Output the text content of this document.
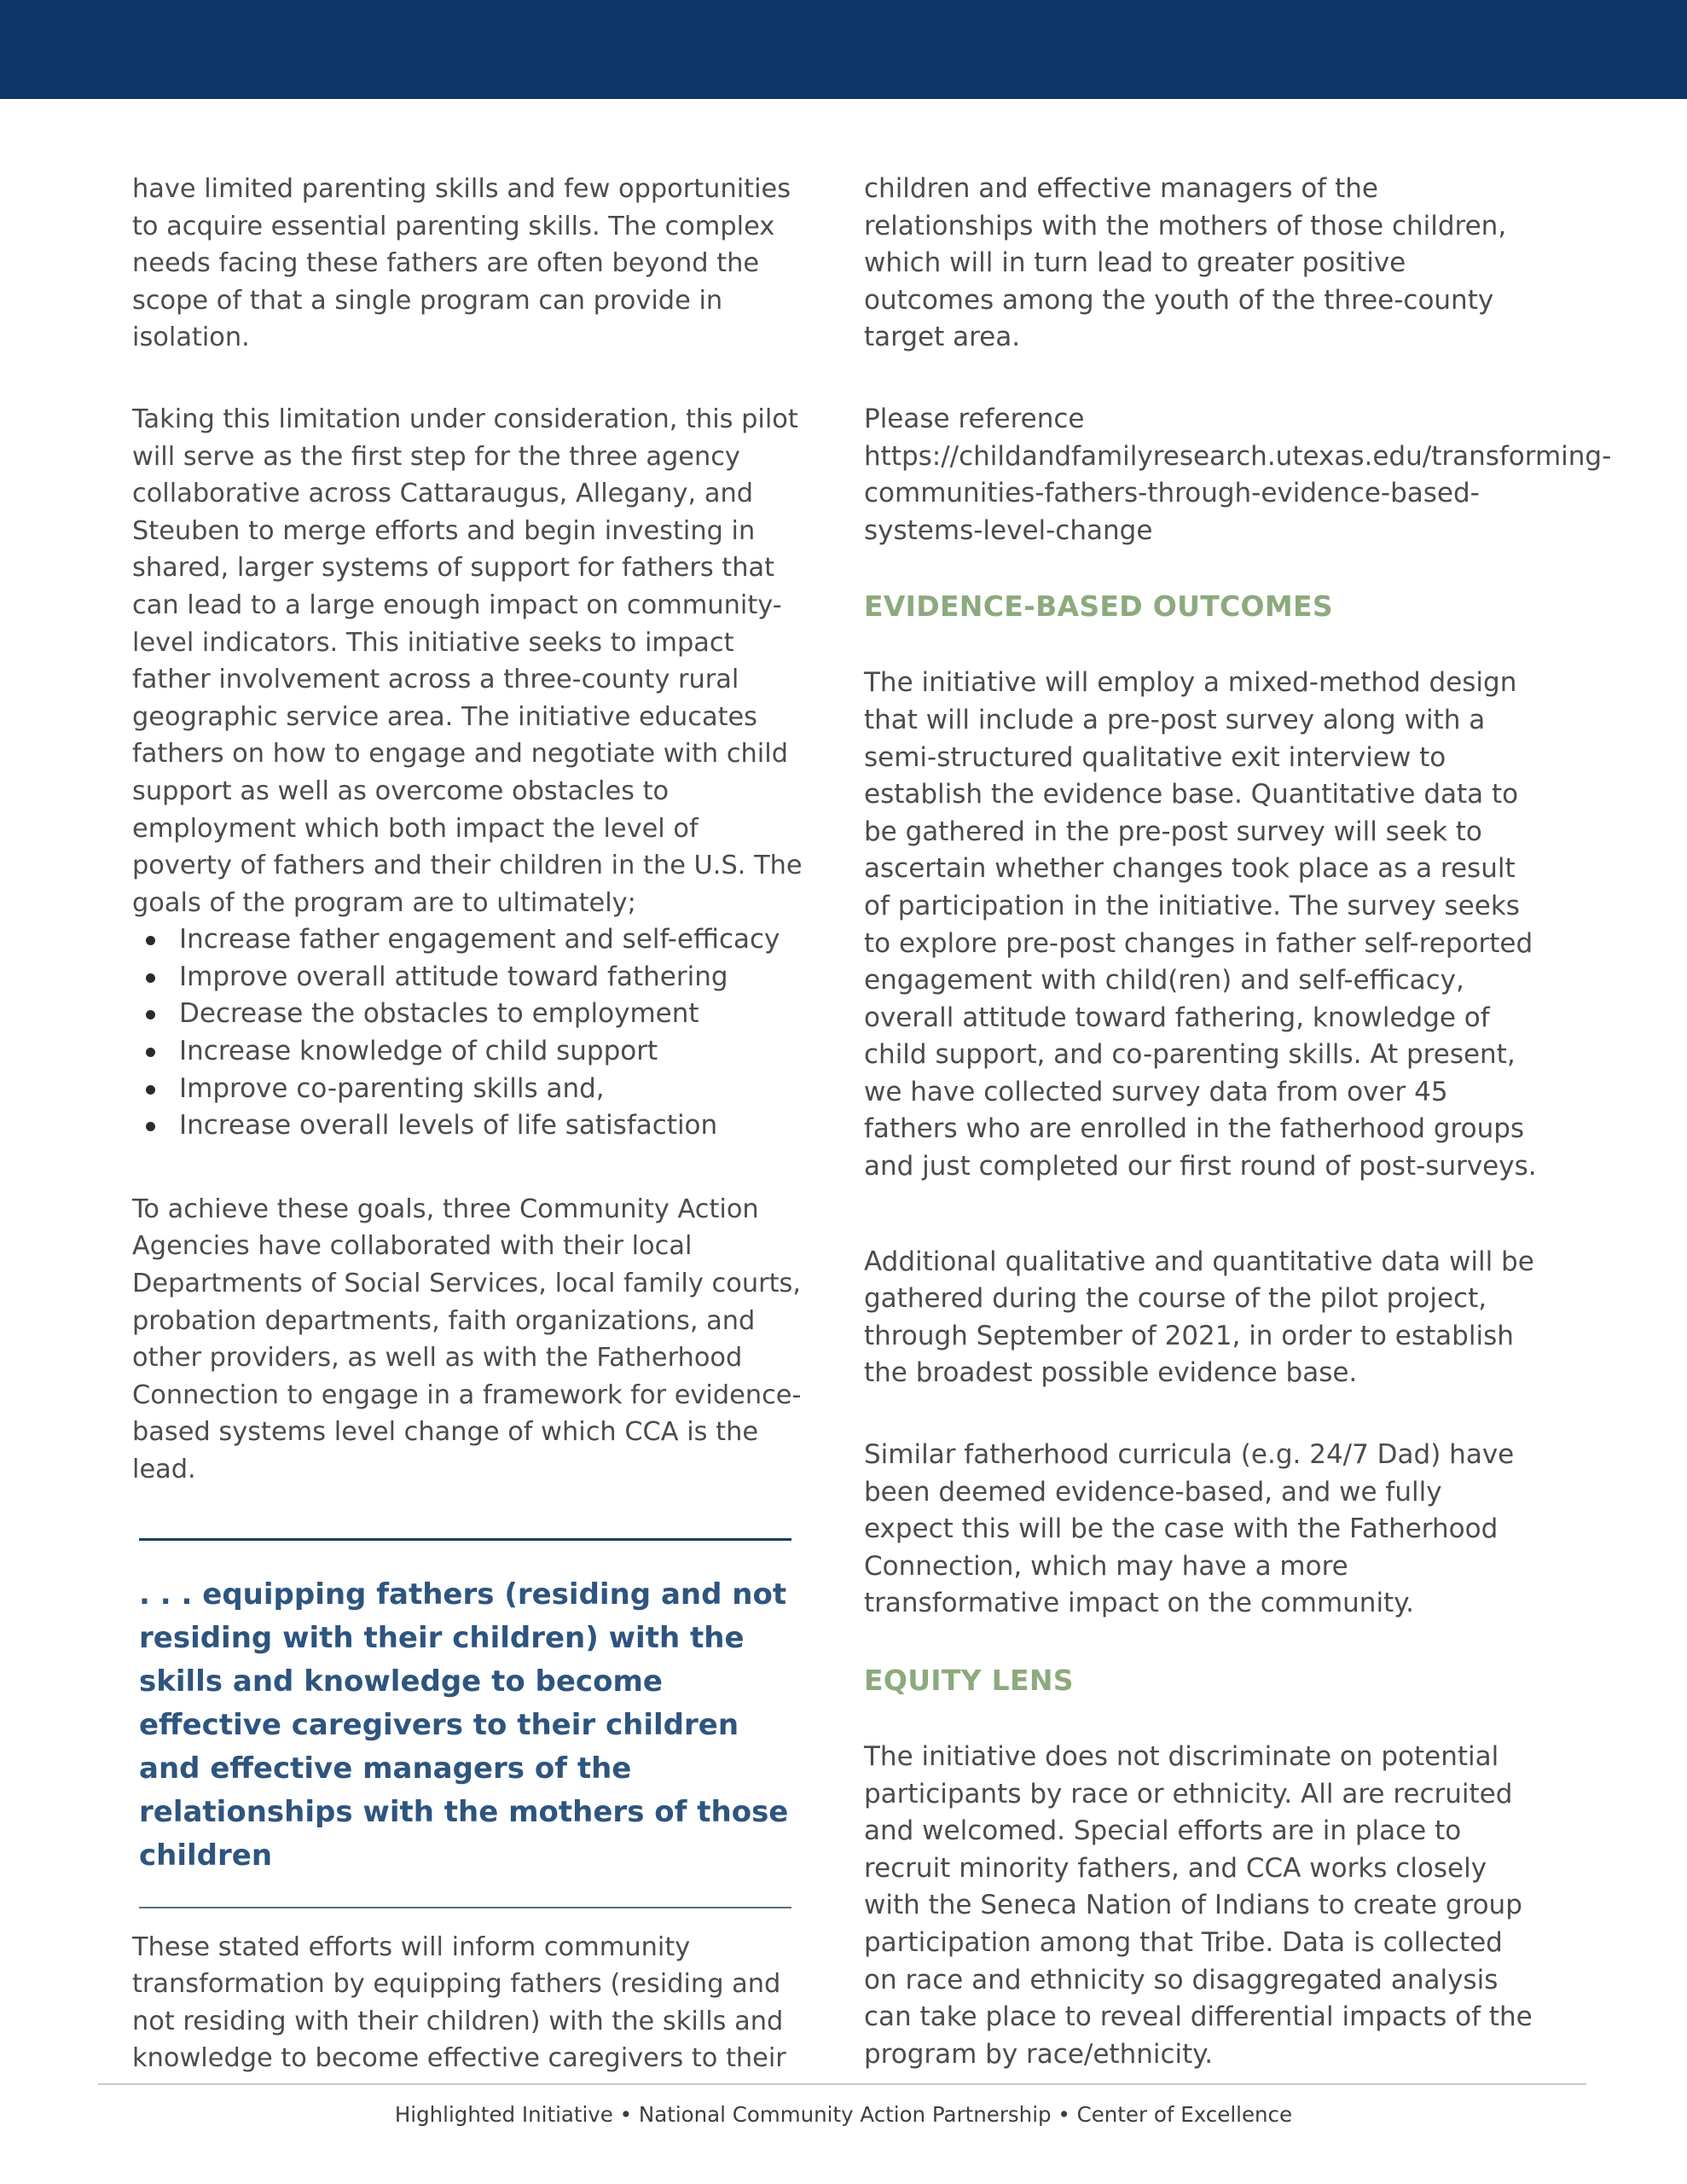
have limited parenting skills and few opportunities to acquire essential parenting skills. The complex needs facing these fathers are often beyond the scope of that a single program can provide in isolation.

Taking this limitation under consideration, this pilot will serve as the first step for the three agency collaborative across Cattaraugus, Allegany, and Steuben to merge efforts and begin investing in shared, larger systems of support for fathers that can lead to a large enough impact on community-level indicators. This initiative seeks to impact father involvement across a three-county rural geographic service area. The initiative educates fathers on how to engage and negotiate with child support as well as overcome obstacles to employment which both impact the level of poverty of fathers and their children in the U.S. The goals of the program are to ultimately;

Increase father engagement and self-efficacy
Improve overall attitude toward fathering
Decrease the obstacles to employment
Increase knowledge of child support
Improve co-parenting skills and,
Increase overall levels of life satisfaction

To achieve these goals, three Community Action Agencies have collaborated with their local Departments of Social Services, local family courts, probation departments, faith organizations, and other providers, as well as with the Fatherhood Connection to engage in a framework for evidence-based systems level change of which CCA is the lead.

. . . equipping fathers (residing and not residing with their children) with the skills and knowledge to become effective caregivers to their children and effective managers of the relationships with the mothers of those children

These stated efforts will inform community transformation by equipping fathers (residing and not residing with their children) with the skills and knowledge to become effective caregivers to their

children and effective managers of the relationships with the mothers of those children, which will in turn lead to greater positive outcomes among the youth of the three-county target area.

Please reference https://childandfamilyresearch.utexas.edu/transforming-communities-fathers-through-evidence-based-systems-level-change

EVIDENCE-BASED OUTCOMES

The initiative will employ a mixed-method design that will include a pre-post survey along with a semi-structured qualitative exit interview to establish the evidence base. Quantitative data to be gathered in the pre-post survey will seek to ascertain whether changes took place as a result of participation in the initiative. The survey seeks to explore pre-post changes in father self-reported engagement with child(ren) and self-efficacy, overall attitude toward fathering, knowledge of child support, and co-parenting skills. At present, we have collected survey data from over 45 fathers who are enrolled in the fatherhood groups and just completed our first round of post-surveys.

Additional qualitative and quantitative data will be gathered during the course of the pilot project, through September of 2021, in order to establish the broadest possible evidence base.

Similar fatherhood curricula (e.g. 24/7 Dad) have been deemed evidence-based, and we fully expect this will be the case with the Fatherhood Connection, which may have a more transformative impact on the community.

EQUITY LENS

The initiative does not discriminate on potential participants by race or ethnicity. All are recruited and welcomed. Special efforts are in place to recruit minority fathers, and CCA works closely with the Seneca Nation of Indians to create group participation among that Tribe. Data is collected on race and ethnicity so disaggregated analysis can take place to reveal differential impacts of the program by race/ethnicity.

Highlighted Initiative • National Community Action Partnership • Center of Excellence
